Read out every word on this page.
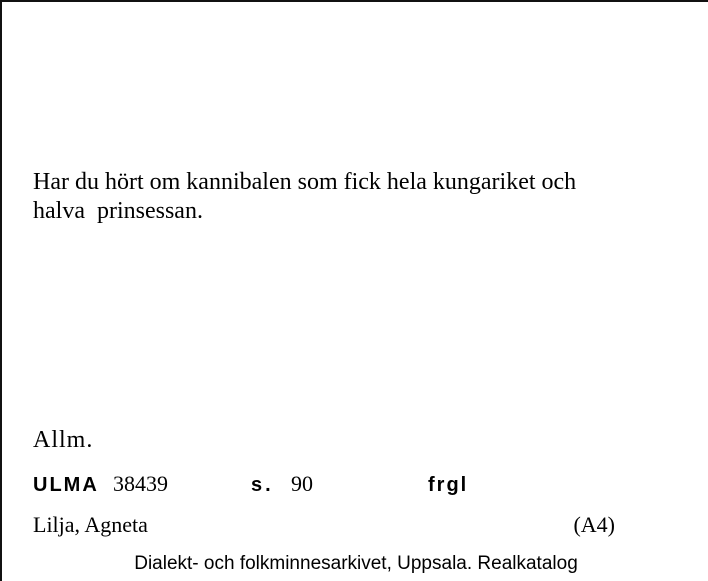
Har du hört om kannibalen som fick hela kungariket och
halva  prinsessan.

Allm.

ULMA 38439	s. 90	frgl

Lilja, Agneta	(A4)

Dialekt- och folkminnesarkivet, Uppsala. Realkatalog
